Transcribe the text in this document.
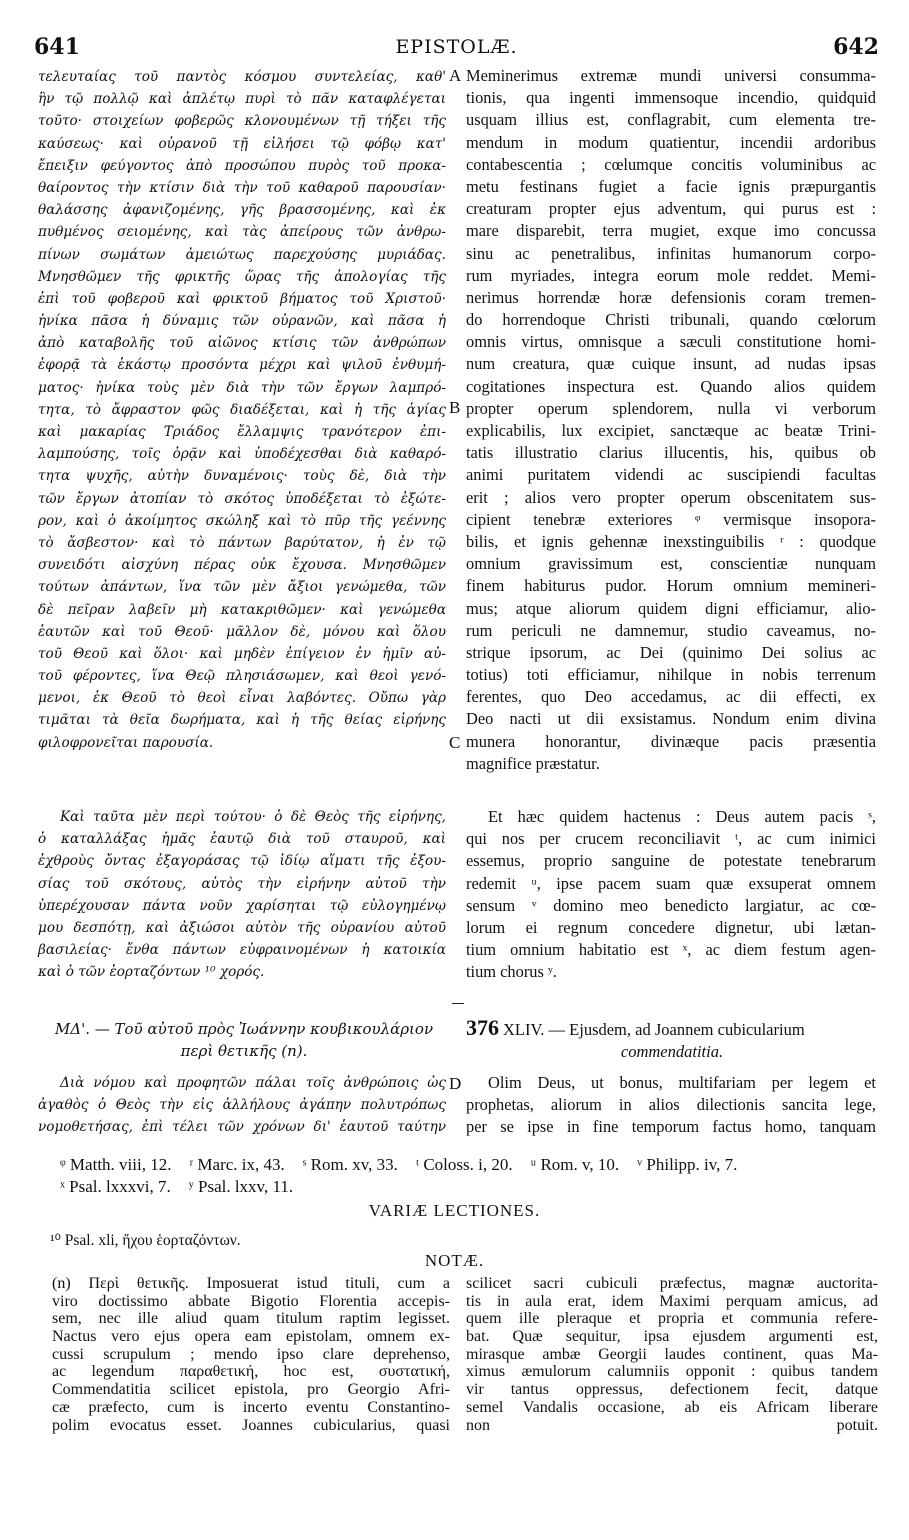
641	EPISTOLÆ.	642
τελευταίας τοῦ παντὸς κόσμου συντελείας, καθ'
ἣν τῷ πολλῷ καὶ ἀπλέτῳ πυρὶ τὸ πᾶν καταφλέγεται
τοῦτο· στοιχείων φοβερῶς κλονουμένων τῇ τήξει τῆς
καύσεως· καὶ οὐρανοῦ τῇ εἰλήσει τῷ φόβῳ κατ'
ἔπειξιν φεύγοντος ἀπὸ προσώπου πυρὸς τοῦ προκα-
θαίροντος τὴν κτίσιν διὰ τὴν τοῦ καθαροῦ παρουσίαν·
θαλάσσης ἀφανιζομένης, γῆς βρασσομένης, καὶ ἐκ
πυθμένος σειομένης, καὶ τὰς ἀπείρους τῶν ἀνθρω-
πίνων σωμάτων ἀμειώτως παρεχούσης μυριάδας.
Μνησθῶμεν τῆς φρικτῆς ὥρας τῆς ἀπολογίας τῆς
ἐπὶ τοῦ φοβεροῦ καὶ φρικτοῦ βήματος τοῦ Χριστοῦ·
ἡνίκα πᾶσα ἡ δύναμις τῶν οὐρανῶν, καὶ πᾶσα ἡ
ἀπὸ καταβολῆς τοῦ αἰῶνος κτίσις τῶν ἀνθρώπων
ἐφορᾷ τὰ ἑκάστῳ προσόντα μέχρι καὶ ψιλοῦ ἐνθυμή-
ματος· ἡνίκα τοὺς μὲν διὰ τὴν τῶν ἔργων λαμπρό-
τητα, τὸ ἄφραστον φῶς διαδέξεται, καὶ ἡ τῆς ἁγίας
καὶ μακαρίας Τριάδος ἔλλαμψις τρανότερον ἐπι-
λαμπούσης, τοῖς ὁρᾷν καὶ ὑποδέχεσθαι διὰ καθαρό-
τητα ψυχῆς, αὐτὴν δυναμένοις· τοὺς δὲ, διὰ τὴν
τῶν ἔργων ἀτοπίαν τὸ σκότος ὑποδέξεται τὸ ἐξώτε-
ρον, καὶ ὁ ἀκοίμητος σκώληξ καὶ τὸ πῦρ τῆς γεέννης
τὸ ἄσβεστον· καὶ τὸ πάντων βαρύτατον, ἡ ἐν τῷ
συνειδότι αἰσχύνη πέρας οὐκ ἔχουσα. Μνησθῶμεν
τούτων ἁπάντων, ἵνα τῶν μὲν ἄξιοι γενώμεθα, τῶν
δὲ πεῖραν λαβεῖν μὴ κατακριθῶμεν· καὶ γενώμεθα
ἑαυτῶν καὶ τοῦ Θεοῦ· μᾶλλον δὲ, μόνου καὶ ὅλου
τοῦ Θεοῦ καὶ ὅλοι· καὶ μηδὲν ἐπίγειον ἐν ἡμῖν αὐ-
τοῦ φέροντες, ἵνα Θεῷ πλησιάσωμεν, καὶ θεοὶ γενό-
μενοι, ἐκ Θεοῦ τὸ θεοὶ εἶναι λαβόντες. Οὔπω γὰρ
τιμᾶται τὰ θεῖα δωρήματα, καὶ ἡ τῆς θείας εἰρήνης
φιλοφρονεῖται παρουσία.
Καὶ ταῦτα μὲν περὶ τούτου· ὁ δὲ Θεὸς τῆς εἰρήνης,
ὁ καταλλάξας ἡμᾶς ἑαυτῷ διὰ τοῦ σταυροῦ, καὶ
ἐχθροὺς ὄντας ἐξαγοράσας τῷ ἰδίῳ αἵματι τῆς ἐξου-
σίας τοῦ σκότους, αὐτὸς τὴν εἰρήνην αὐτοῦ τὴν
ὑπερέχουσαν πάντα νοῦν χαρίσηται τῷ εὐλογημένῳ
μου δεσπότῃ, καὶ ἀξιώσοι αὐτὸν τῆς οὐρανίου αὐτοῦ
βασιλείας· ἔνθα πάντων εὐφραινομένων ἡ κατοικία
καὶ ὁ τῶν ἑορταζόντων ¹⁰ χορός.
Meminerimus extremæ mundi universi consumma-
tionis, qua ingenti immensoque incendio, quidquid
usquam illius est, conflagrabit, cum elementa tre-
mendum in modum quatientur, incendii ardoribus
contabescentia ; cœlumque concitis voluminibus ac
metu festinans fugiet a facie ignis præpurgantis
creaturam propter ejus adventum, qui purus est :
mare disparebit, terra mugiet, exque imo concussa
sinu ac penetralibus, infinitas humanorum corpo-
rum myriades, integra eorum mole reddet. Memi-
nerimus horrendæ horæ defensionis coram tremen-
do horrendoque Christi tribunali, quando cœlorum
omnis virtus, omnisque a sæculi constitutione homi-
num creatura, quæ cuique insunt, ad nudas ipsas
cogitationes inspectura est. Quando alios quidem
propter operum splendorem, nulla vi verborum
explicabilis, lux excipiet, sanctæque ac beatæ Trini-
tatis illustratio clarius illucentis, his, quibus ob
animi puritatem videndi ac suscipiendi facultas
erit ; alios vero propter operum obscenitatem sus-
cipient tenebræ exteriores ᵠ vermisque insopora-
bilis, et ignis gehennæ inexstinguibilis ʳ : quodque
omnium gravissimum est, conscientiæ nunquam
finem habiturus pudor. Horum omnium memineri-
mus; atque aliorum quidem digni efficiamur, alio-
rum periculi ne damnemur, studio caveamus, no-
strique ipsorum, ac Dei (quinimo Dei solius ac
totius) toti efficiamur, nihilque in nobis terrenum
ferentes, quo Deo accedamus, ac dii effecti, ex
Deo nacti ut dii exsistamus. Nondum enim divina
munera honorantur, divinæque pacis præsentia
magnifice præstatur.
Et hæc quidem hactenus : Deus autem pacis ˢ,
qui nos per crucem reconciliavit ᵗ, ac cum inimici
essemus, proprio sanguine de potestate tenebrarum
redemit ᵘ, ipse pacem suam quæ exsuperat omnem
sensum ᵛ domino meo benedicto largiatur, ac cœ-
lorum ei regnum concedere dignetur, ubi lætan-
tium omnium habitatio est ˣ, ac diem festum agen-
tium chorus ʸ.
A
B
C
D
ΜΔ'. — Τοῦ αὐτοῦ πρὸς Ἰωάννην κουβικουλάριον
περὶ θετικῆς (n).
376 XLIV. — Ejusdem, ad Joannem cubicularium
commendatitia.
Διὰ νόμου καὶ προφητῶν πάλαι τοῖς ἀνθρώποις ὡς
ἀγαθὸς ὁ Θεὸς τὴν εἰς ἀλλήλους ἀγάπην πολυτρόπως
νομοθετήσας, ἐπὶ τέλει τῶν χρόνων δι' ἑαυτοῦ ταύτην
Olim Deus, ut bonus, multifariam per legem et
prophetas, aliorum in alios dilectionis sancita lege,
per se ipse in fine temporum factus homo, tanquam
ᵠ Matth. viii, 12. ʳ Marc. ix, 43. ˢ Rom. xv, 33. ᵗ Coloss. i, 20. ᵘ Rom. v, 10. ᵛ Philipp. iv, 7.
ˣ Psal. lxxxvi, 7. ʸ Psal. lxxv, 11.
VARIÆ LECTIONES.
¹⁰ Psal. xli, ἤχου ἑορταζόντων.
NOTÆ.
(n) Περὶ θετικῆς. Imposuerat istud tituli, cum a
viro doctissimo abbate Bigotio Florentia accepis-
sem, nec ille aliud quam titulum raptim legisset.
Nactus vero ejus opera eam epistolam, omnem ex-
cussi scrupulum ; mendo ipso clare deprehenso,
ac legendum παραθετική, hoc est, συστατική,
Commendatitia scilicet epistola, pro Georgio Afri-
cæ præfecto, cum is incerto eventu Constantino-
polim evocatus esset. Joannes cubicularius, quasi
scilicet sacri cubiculi præfectus, magnæ auctorita-
tis in aula erat, idem Maximi perquam amicus, ad
quem ille pleraque et propria et communia refere-
bat. Quæ sequitur, ipsa ejusdem argumenti est,
mirasque ambæ Georgii laudes continent, quas Ma-
ximus æmulorum calumniis opponit : quibus tandem
vir tantus oppressus, defectionem fecit, datque
semel Vandalis occasione, ab eis Africam liberare
non potuit.
